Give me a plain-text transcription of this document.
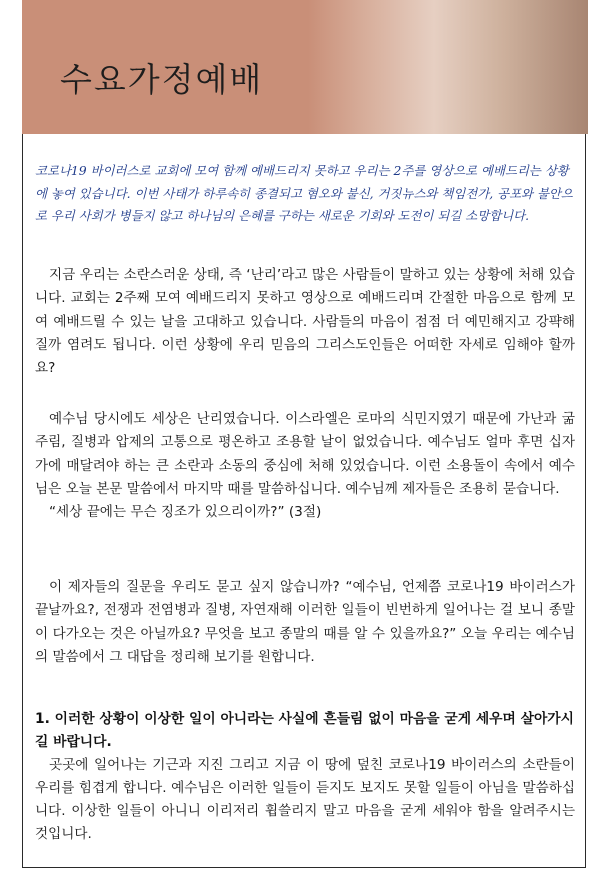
수요가정예배
코로나19 바이러스로 교회에 모여 함께 예배드리지 못하고 우리는 2주를 영상으로 예배드리는 상황에 놓여 있습니다. 이번 사태가 하루속히 종결되고 혐오와 불신, 거짓뉴스와 책임전가, 공포와 불안으로 우리 사회가 병들지 않고 하나님의 은혜를 구하는 새로운 기회와 도전이 되길 소망합니다.
지금 우리는 소란스러운 상태, 즉 ‘난리’라고 많은 사람들이 말하고 있는 상황에 처해 있습니다. 교회는 2주째 모여 예배드리지 못하고 영상으로 예배드리며 간절한 마음으로 함께 모여 예배드릴 수 있는 날을 고대하고 있습니다. 사람들의 마음이 점점 더 예민해지고 강퍅해질까 염려도 됩니다. 이런 상황에 우리 믿음의 그리스도인들은 어떠한 자세로 임해야 할까요?
예수님 당시에도 세상은 난리였습니다. 이스라엘은 로마의 식민지였기 때문에 가난과 굶주림, 질병과 압제의 고통으로 평온하고 조용할 날이 없었습니다. 예수님도 얼마 후면 십자가에 매달려야 하는 큰 소란과 소동의 중심에 처해 있었습니다. 이런 소용돌이 속에서 예수님은 오늘 본문 말씀에서 마지막 때를 말씀하십니다. 예수님께 제자들은 조용히 묻습니다.
“세상 끝에는 무슨 징조가 있으리이까?” (3절)
이 제자들의 질문을 우리도 묻고 싶지 않습니까? “예수님, 언제쯤 코로나19 바이러스가 끝날까요?, 전쟁과 전염병과 질병, 자연재해 이러한 일들이 빈번하게 일어나는 걸 보니 종말이 다가오는 것은 아닐까요? 무엇을 보고 종말의 때를 알 수 있을까요?” 오늘 우리는 예수님의 말씀에서 그 대답을 정리해 보기를 원합니다.
1. 이러한 상황이 이상한 일이 아니라는 사실에 흔들림 없이 마음을 굳게 세우며 살아가시길 바랍니다.
곳곳에 일어나는 기근과 지진 그리고 지금 이 땅에 덮친 코로나19 바이러스의 소란들이 우리를 힘겹게 합니다. 예수님은 이러한 일들이 듣지도 보지도 못할 일들이 아님을 말씀하십니다. 이상한 일들이 아니니 이리저리 휩쓸리지 말고 마음을 굳게 세워야 함을 알려주시는 것입니다.
